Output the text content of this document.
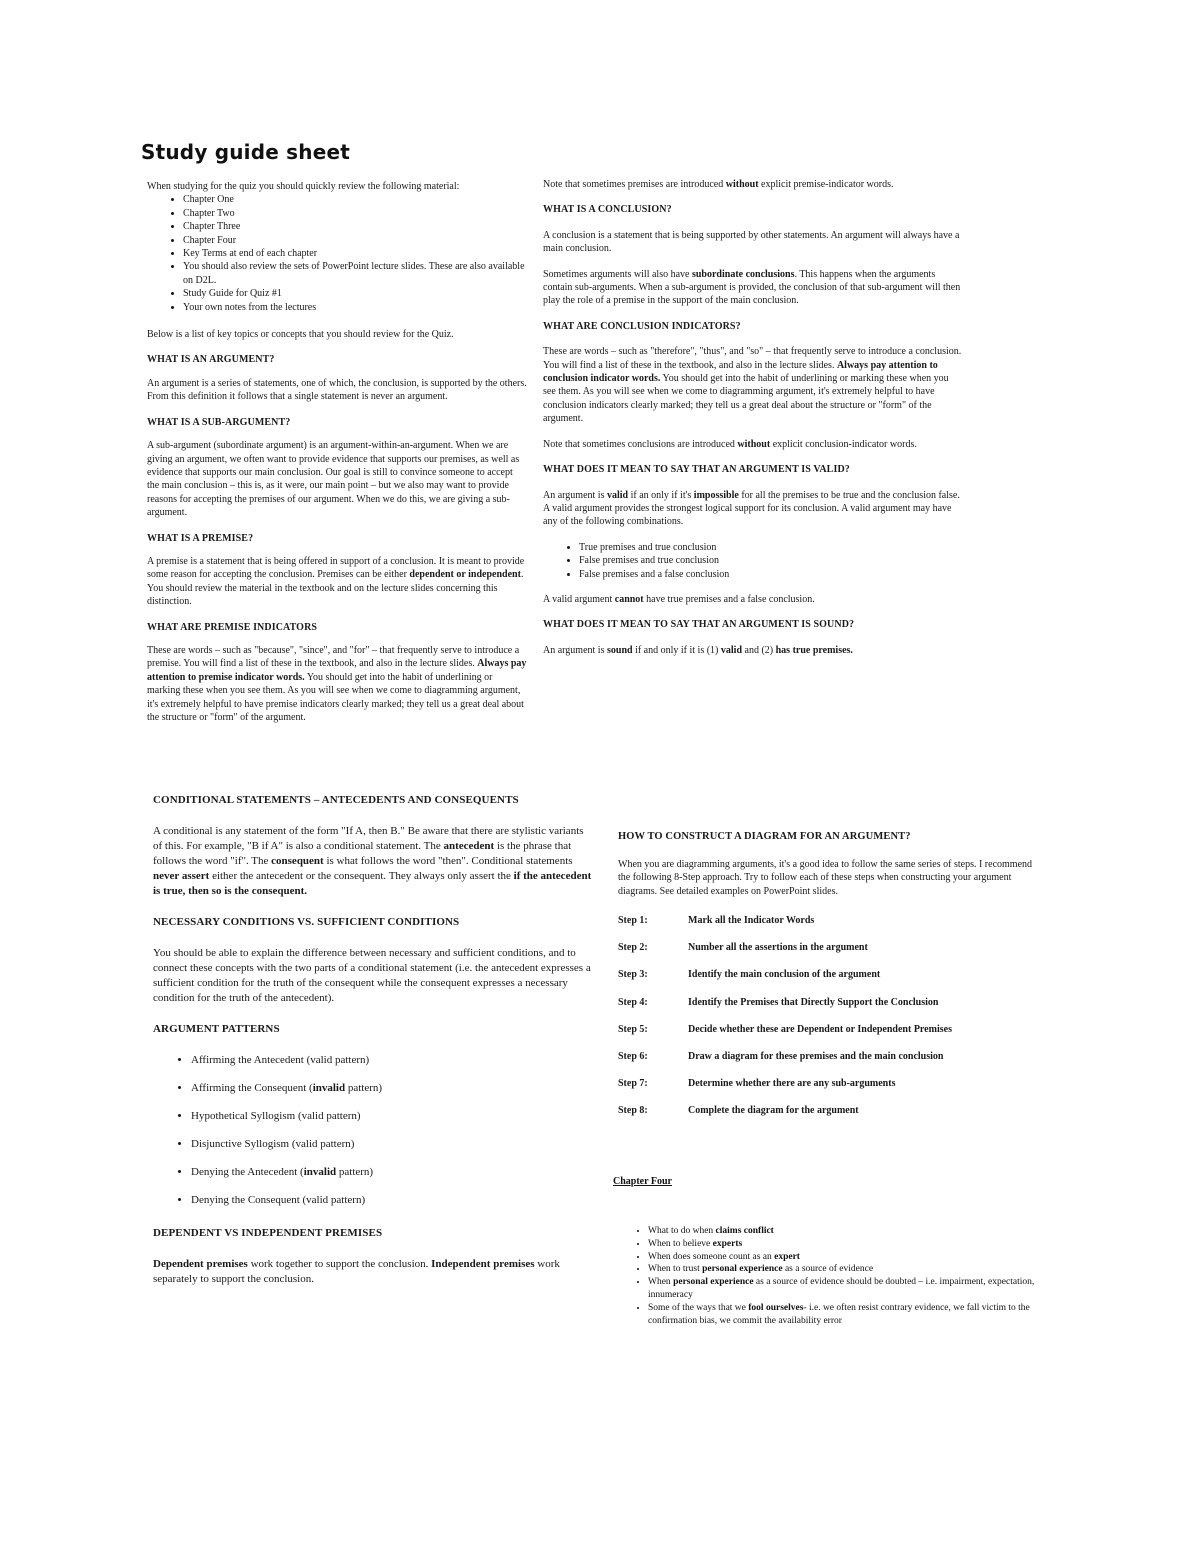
Study guide sheet

When studying for the quiz you should quickly review the following material:

• Chapter One
• Chapter Two
• Chapter Three
• Chapter Four
• Key Terms at end of each chapter
• You should also review the sets of PowerPoint lecture slides. These are also available on D2L.
• Study Guide for Quiz #1
• Your own notes from the lectures

Below is a list of key topics or concepts that you should review for the Quiz.

WHAT IS AN ARGUMENT?

An argument is a series of statements, one of which, the conclusion, is supported by the others. From this definition it follows that a single statement is never an argument.

WHAT IS A SUB-ARGUMENT?

A sub-argument (subordinate argument) is an argument-within-an-argument. When we are giving an argument, we often want to provide evidence that supports our premises, as well as evidence that supports our main conclusion. Our goal is still to convince someone to accept the main conclusion – this is, as it were, our main point – but we also may want to provide reasons for accepting the premises of our argument. When we do this, we are giving a sub-argument.

WHAT IS A PREMISE?

A premise is a statement that is being offered in support of a conclusion. It is meant to provide some reason for accepting the conclusion. Premises can be either dependent or independent. You should review the material in the textbook and on the lecture slides concerning this distinction.

WHAT ARE PREMISE INDICATORS

These are words – such as "because", "since", and "for" – that frequently serve to introduce a premise. You will find a list of these in the textbook, and also in the lecture slides. Always pay attention to premise indicator words. You should get into the habit of underlining or marking these when you see them. As you will see when we come to diagramming argument, it's extremely helpful to have premise indicators clearly marked; they tell us a great deal about the structure or "form" of the argument.

Note that sometimes premises are introduced without explicit premise-indicator words.

WHAT IS A CONCLUSION?

A conclusion is a statement that is being supported by other statements. An argument will always have a main conclusion.

Sometimes arguments will also have subordinate conclusions. This happens when the arguments contain sub-arguments. When a sub-argument is provided, the conclusion of that sub-argument will then play the role of a premise in the support of the main conclusion.

WHAT ARE CONCLUSION INDICATORS?

These are words – such as "therefore", "thus", and "so" – that frequently serve to introduce a conclusion. You will find a list of these in the textbook, and also in the lecture slides. Always pay attention to conclusion indicator words. You should get into the habit of underlining or marking these when you see them. As you will see when we come to diagramming argument, it's extremely helpful to have conclusion indicators clearly marked; they tell us a great deal about the structure or "form" of the argument.

Note that sometimes conclusions are introduced without explicit conclusion-indicator words.

WHAT DOES IT MEAN TO SAY THAT AN ARGUMENT IS VALID?

An argument is valid if an only if it's impossible for all the premises to be true and the conclusion false. A valid argument provides the strongest logical support for its conclusion. A valid argument may have any of the following combinations.

• True premises and true conclusion
• False premises and true conclusion
• False premises and a false conclusion

A valid argument cannot have true premises and a false conclusion.

WHAT DOES IT MEAN TO SAY THAT AN ARGUMENT IS SOUND?

An argument is sound if and only if it is (1) valid and (2) has true premises.

CONDITIONAL STATEMENTS – ANTECEDENTS AND CONSEQUENTS

A conditional is any statement of the form "If A, then B." Be aware that there are stylistic variants of this. For example, "B if A" is also a conditional statement. The antecedent is the phrase that follows the word "if". The consequent is what follows the word "then". Conditional statements never assert either the antecedent or the consequent. They always only assert the if the antecedent is true, then so is the consequent.

NECESSARY CONDITIONS VS. SUFFICIENT CONDITIONS

You should be able to explain the difference between necessary and sufficient conditions, and to connect these concepts with the two parts of a conditional statement (i.e. the antecedent expresses a sufficient condition for the truth of the consequent while the consequent expresses a necessary condition for the truth of the antecedent).

ARGUMENT PATTERNS
• Affirming the Antecedent (valid pattern)
• Affirming the Consequent (invalid pattern)
• Hypothetical Syllogism (valid pattern)
• Disjunctive Syllogism (valid pattern)
• Denying the Antecedent (invalid pattern)
• Denying the Consequent (valid pattern)
DEPENDENT VS INDEPENDENT PREMISES

Dependent premises work together to support the conclusion. Independent premises work separately to support the conclusion.

HOW TO CONSTRUCT A DIAGRAM FOR AN ARGUMENT?

When you are diagramming arguments, it's a good idea to follow the same series of steps. I recommend the following 8-Step approach. Try to follow each of these steps when constructing your argument diagrams. See detailed examples on PowerPoint slides.

Step 1:	Mark all the Indicator Words
Step 2:	Number all the assertions in the argument
Step 3:	Identify the main conclusion of the argument
Step 4:	Identify the Premises that Directly Support the Conclusion
Step 5:	Decide whether these are Dependent or Independent Premises
Step 6:	Draw a diagram for these premises and the main conclusion
Step 7:	Determine whether there are any sub-arguments
Step 8:	Complete the diagram for the argument
Chapter Four
• What to do when claims conflict
• When to believe experts
• When does someone count as an expert
• When to trust personal experience as a source of evidence
• When personal experience as a source of evidence should be doubted – i.e. impairment, expectation, innumeracy
• Some of the ways that we fool ourselves- i.e. we often resist contrary evidence, we fall victim to the confirmation bias, we commit the availability error
